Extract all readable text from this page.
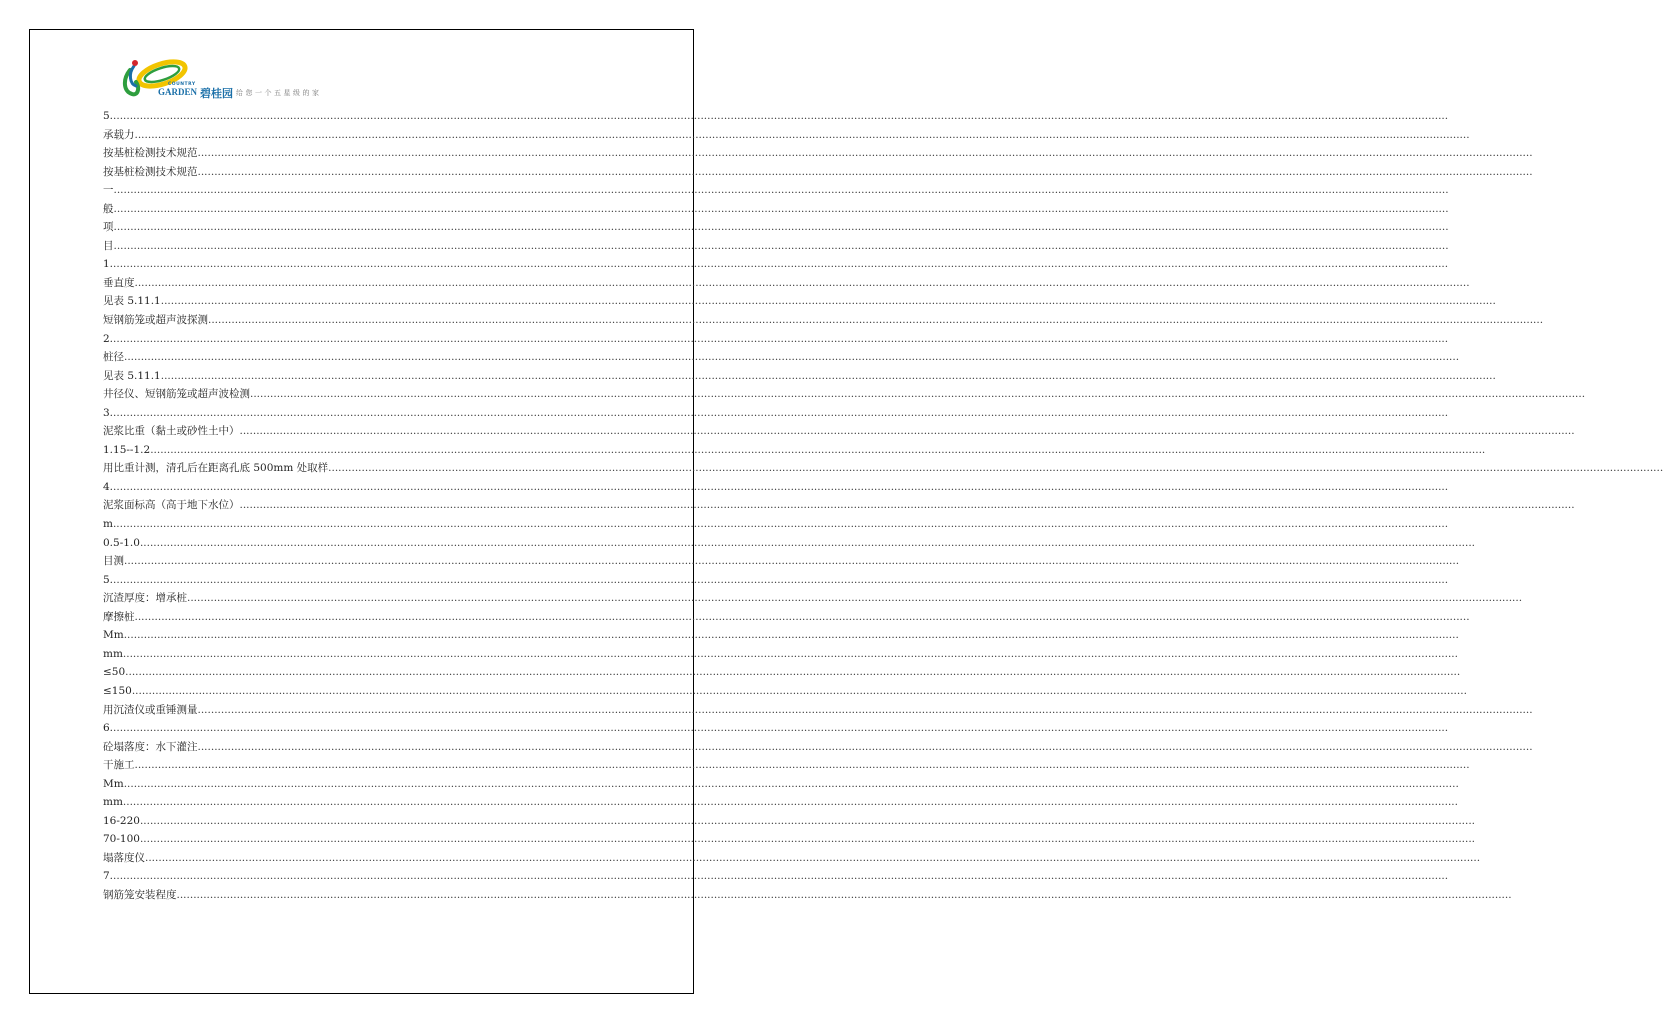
COUNTRY
GARDEN 碧桂园 给您一个五星级的家
5. ................................................................................................................................................................................................................................................................................................................................................................................................................
承载力 ................................................................................................................................................................................................................................................................................................................................................................................................................
按基桩检测技术规范 ................................................................................................................................................................................................................................................................................................................................................................................................................
按基桩检测技术规范 ................................................................................................................................................................................................................................................................................................................................................................................................................
一 ................................................................................................................................................................................................................................................................................................................................................................................................................
般 ................................................................................................................................................................................................................................................................................................................................................................................................................
项 ................................................................................................................................................................................................................................................................................................................................................................................................................
目 ................................................................................................................................................................................................................................................................................................................................................................................................................
1. ................................................................................................................................................................................................................................................................................................................................................................................................................
垂直度 ................................................................................................................................................................................................................................................................................................................................................................................................................
见表 5.11.1 ................................................................................................................................................................................................................................................................................................................................................................................................................
短钢筋笼或超声波探测 ................................................................................................................................................................................................................................................................................................................................................................................................................
2. ................................................................................................................................................................................................................................................................................................................................................................................................................
桩径 ................................................................................................................................................................................................................................................................................................................................................................................................................
见表 5.11.1 ................................................................................................................................................................................................................................................................................................................................................................................................................
井径仪、短钢筋笼或超声波检测 ................................................................................................................................................................................................................................................................................................................................................................................................................
3. ................................................................................................................................................................................................................................................................................................................................................................................................................
泥浆比重（黏土或砂性土中） ................................................................................................................................................................................................................................................................................................................................................................................................................
1.15--1.2 ................................................................................................................................................................................................................................................................................................................................................................................................................
用比重计测，清孔后在距离孔底 500mm 处取样 ................................................................................................................................................................................................................................................................................................................................................................................................................
4. ................................................................................................................................................................................................................................................................................................................................................................................................................
泥浆面标高（高于地下水位） ................................................................................................................................................................................................................................................................................................................................................................................................................
m ................................................................................................................................................................................................................................................................................................................................................................................................................
0.5-1.0 ................................................................................................................................................................................................................................................................................................................................................................................................................
目测 ................................................................................................................................................................................................................................................................................................................................................................................................................
5. ................................................................................................................................................................................................................................................................................................................................................................................................................
沉渣厚度：增承桩 ................................................................................................................................................................................................................................................................................................................................................................................................................
摩擦桩 ................................................................................................................................................................................................................................................................................................................................................................................................................
Mm ................................................................................................................................................................................................................................................................................................................................................................................................................
mm ................................................................................................................................................................................................................................................................................................................................................................................................................
≤50 ................................................................................................................................................................................................................................................................................................................................................................................................................
≤150 ................................................................................................................................................................................................................................................................................................................................................................................................................
用沉渣仪或重锤测量 ................................................................................................................................................................................................................................................................................................................................................................................................................
6. ................................................................................................................................................................................................................................................................................................................................................................................................................
砼塌落度：水下灌注 ................................................................................................................................................................................................................................................................................................................................................................................................................
干施工 ................................................................................................................................................................................................................................................................................................................................................................................................................
Mm ................................................................................................................................................................................................................................................................................................................................................................................................................
mm ................................................................................................................................................................................................................................................................................................................................................................................................................
16-220 ................................................................................................................................................................................................................................................................................................................................................................................................................
70-100 ................................................................................................................................................................................................................................................................................................................................................................................................................
塌落度仪 ................................................................................................................................................................................................................................................................................................................................................................................................................
7. ................................................................................................................................................................................................................................................................................................................................................................................................................
钢筋笼安装程度 ................................................................................................................................................................................................................................................................................................................................................................................................................
